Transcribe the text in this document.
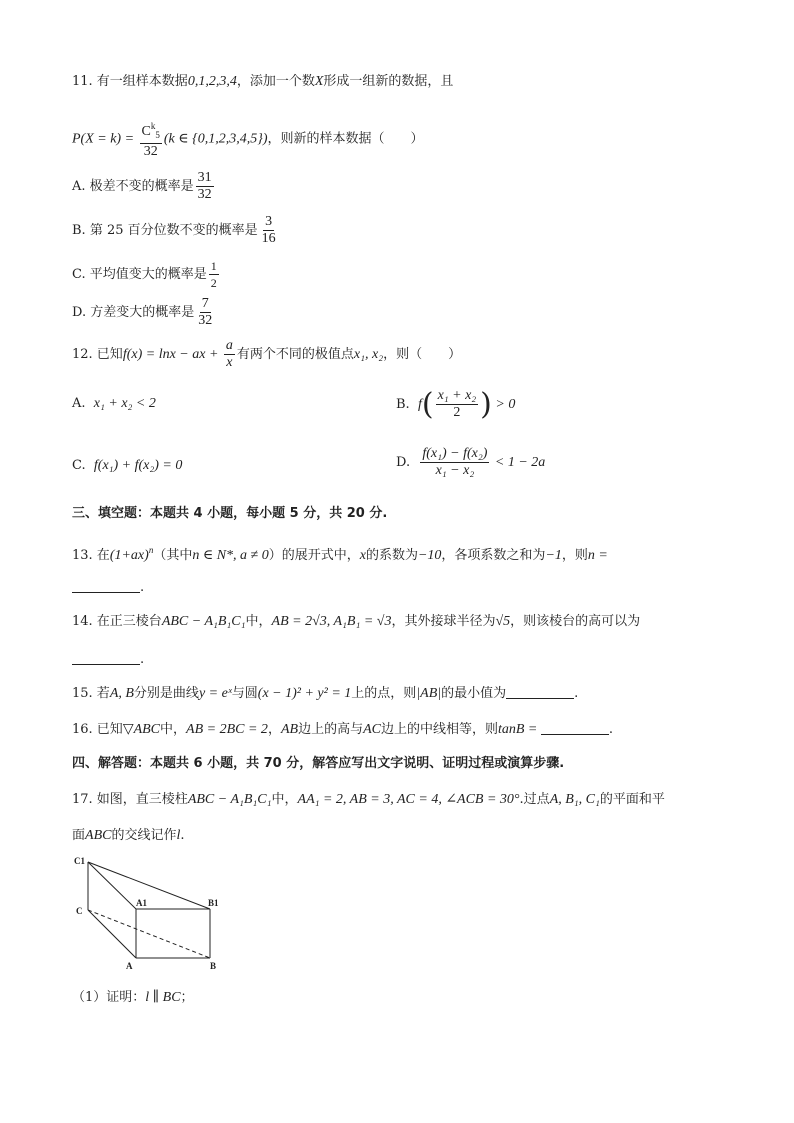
11. 有一组样本数据0,1,2,3,4，添加一个数X形成一组新的数据，且
$P(X = k) = \frac{C^k_5}{32} (k$ ∈ {0,1,2,3,4,5})，则新的样本数据（　　）
A. 极差不变的概率是 $\frac{31}{32}$
B. 第 25 百分位数不变的概率是 $\frac{3}{16}$
C. 平均值变大的概率是 $\frac{1}{2}$
D. 方差变大的概率是 $\frac{7}{32}$
12. 已知f(x) = lnx − ax + $\frac{a}{x}$ 有两个不同的极值点x₁, x₂，则（　　）
A. x₁ + x₂ < 2	B. $f( \frac{\text{x₁ + x₂}}{2}$ ) > 0
C. f(x₁) + f(x₂) = 0	D. $\frac{\text{f(x₁) − f(x₂)}}{\text{x₁ − x₂}} < 1 - 2a$
三、填空题：本题共 4 小题，每小题 5 分，共 20 分.
13. 在$(1+ax)^n$（其中n ∈ N*, a ≠ 0）的展开式中，x的系数为−10，各项系数之和为−1，则n =
.
14. 在正三棱台ABC − A₁B₁C₁中，AB = 2√3, A₁B₁ = √3，其外接球半径为√5，则该棱台的高可以为
.
15. 若A, B分别是曲线y = eˣ与圆(x − 1)² + y² = 1上的点，则|AB|的最小值为	.
16. 已知▽ABC中，AB = 2BC = 2，AB边上的高与AC边上的中线相等，则tanB =	.
四、解答题：本题共 6 小题，共 70 分，解答应写出文字说明、证明过程或演算步骤.
17. 如图，直三棱柱ABC − A₁B₁C₁中，AA₁ = 2, AB = 3, AC = 4, ∠ACB = 30°.过点A, B₁, C₁的平面和平
面ABC的交线记作l.
C1
C
A1	B1
A	B
（1）证明：l ∥ BC；
